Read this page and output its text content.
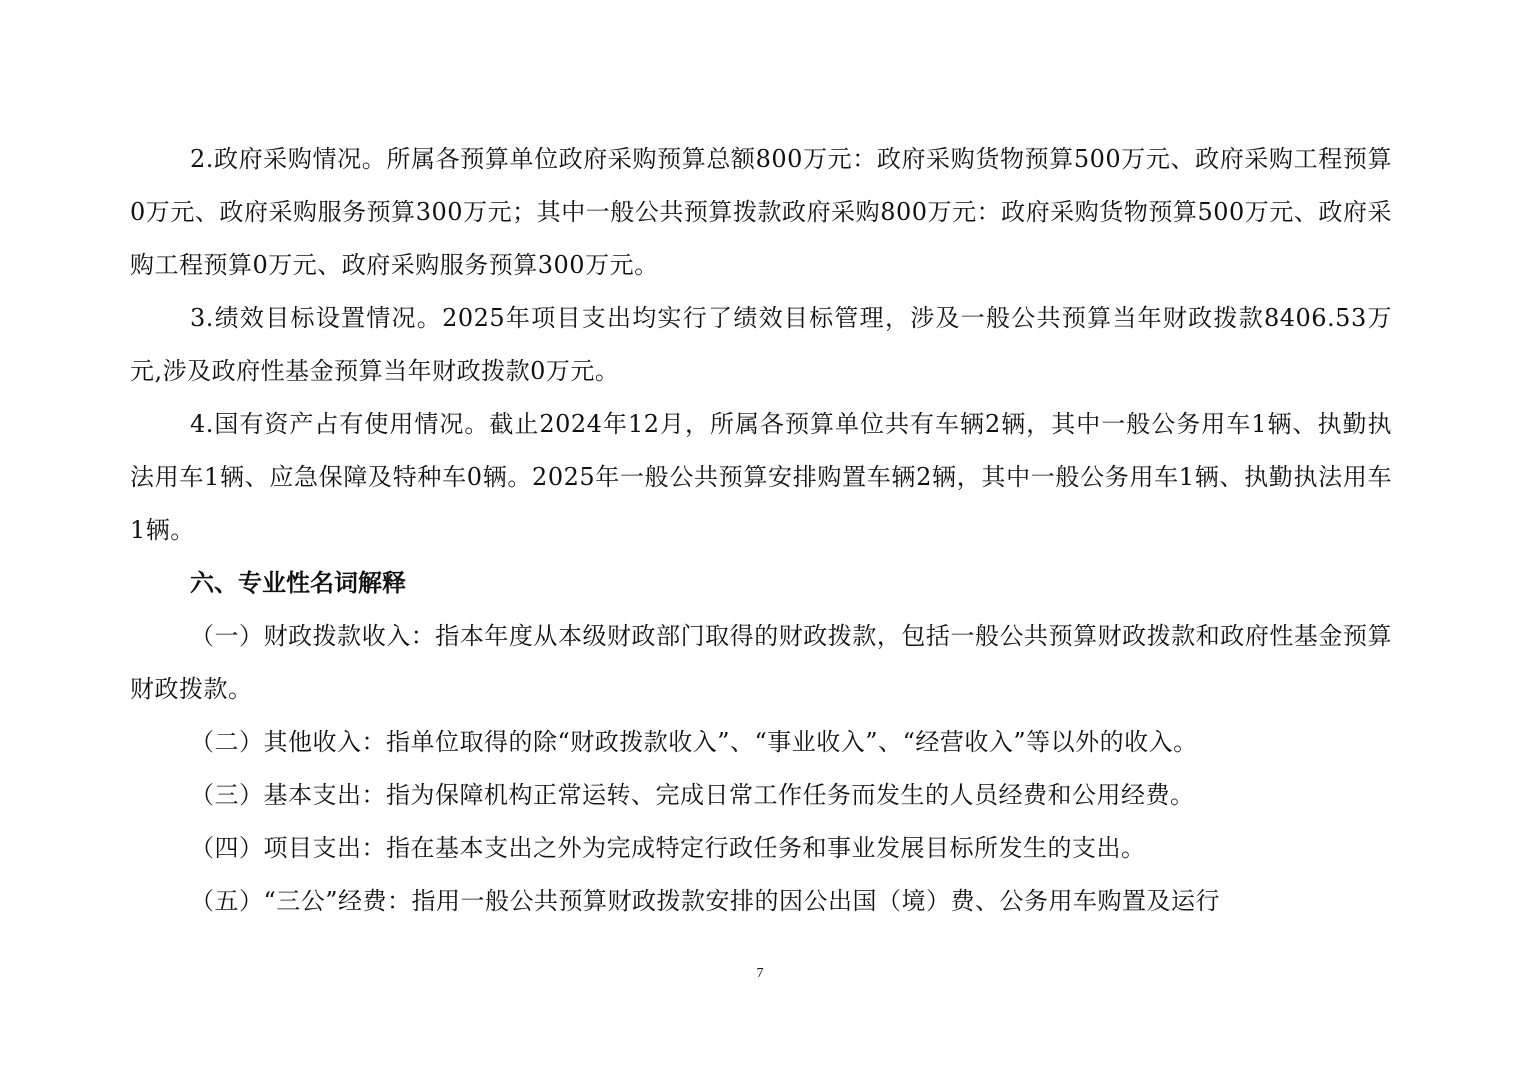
2.政府采购情况。所属各预算单位政府采购预算总额800万元：政府采购货物预算500万元、政府采购工程预算0万元、政府采购服务预算300万元；其中一般公共预算拨款政府采购800万元：政府采购货物预算500万元、政府采购工程预算0万元、政府采购服务预算300万元。

3.绩效目标设置情况。2025年项目支出均实行了绩效目标管理，涉及一般公共预算当年财政拨款8406.53万元,涉及政府性基金预算当年财政拨款0万元。

4.国有资产占有使用情况。截止2024年12月，所属各预算单位共有车辆2辆，其中一般公务用车1辆、执勤执法用车1辆、应急保障及特种车0辆。2025年一般公共预算安排购置车辆2辆，其中一般公务用车1辆、执勤执法用车1辆。

六、专业性名词解释

（一）财政拨款收入：指本年度从本级财政部门取得的财政拨款，包括一般公共预算财政拨款和政府性基金预算财政拨款。

（二）其他收入：指单位取得的除“财政拨款收入”、“事业收入”、“经营收入”等以外的收入。

（三）基本支出：指为保障机构正常运转、完成日常工作任务而发生的人员经费和公用经费。

（四）项目支出：指在基本支出之外为完成特定行政任务和事业发展目标所发生的支出。

（五）“三公”经费：指用一般公共预算财政拨款安排的因公出国（境）费、公务用车购置及运行

7
